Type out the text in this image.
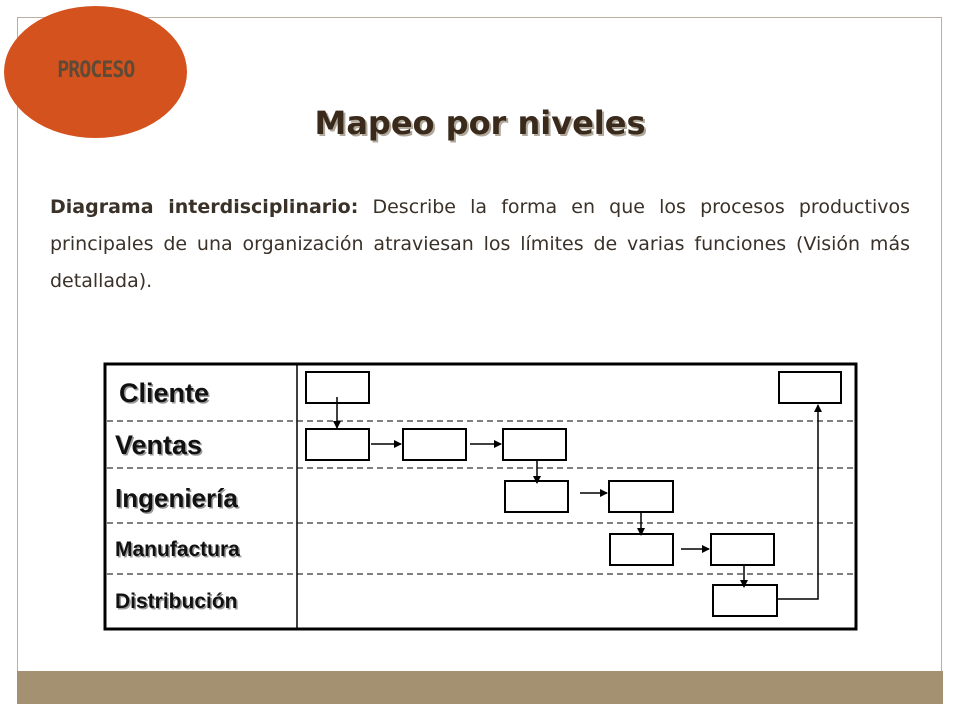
PROCESO
Mapeo por niveles
Diagrama interdisciplinario: Describe la forma en que los procesos productivos principales de una organización atraviesan los límites de varias funciones (Visión más detallada).
Cliente
Ventas
Ingeniería
Manufactura
Distribución
